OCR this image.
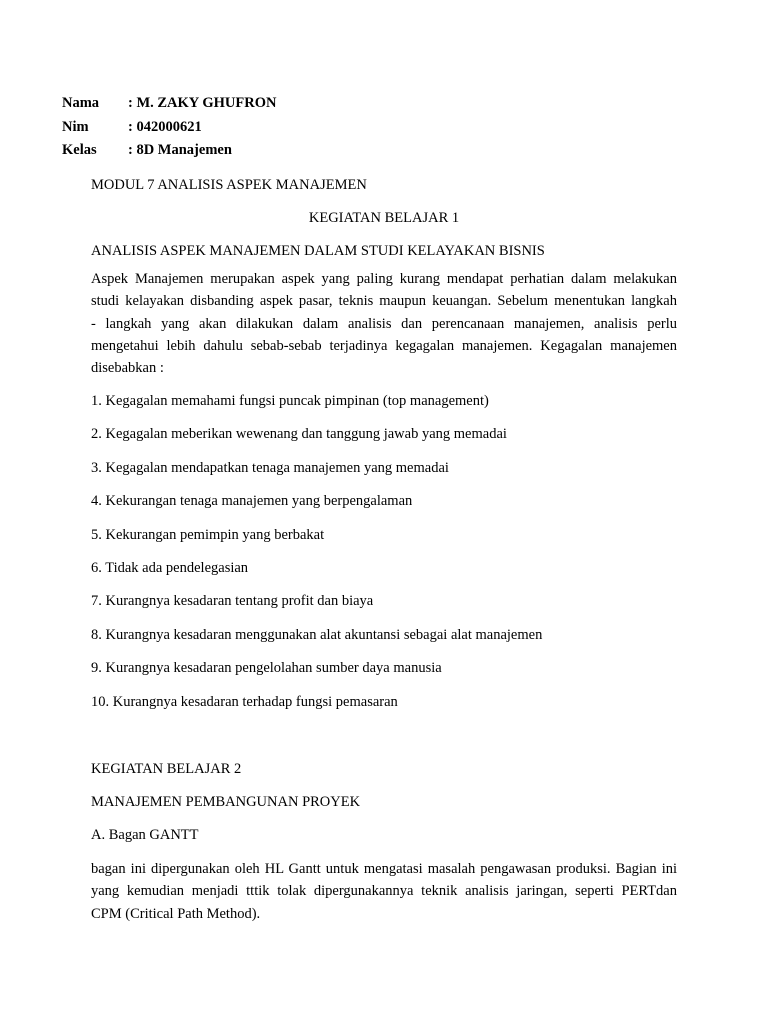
Nama	: M. ZAKY GHUFRON
Nim	: 042000621
Kelas	: 8D Manajemen
MODUL 7 ANALISIS ASPEK MANAJEMEN
KEGIATAN BELAJAR 1
ANALISIS ASPEK MANAJEMEN DALAM STUDI KELAYAKAN BISNIS
Aspek Manajemen merupakan aspek yang paling kurang mendapat perhatian dalam melakukan
studi kelayakan disbanding aspek pasar, teknis maupun keuangan. Sebelum menentukan langkah
- langkah yang akan dilakukan dalam analisis dan perencanaan manajemen, analisis perlu
mengetahui lebih dahulu sebab-sebab terjadinya kegagalan manajemen. Kegagalan manajemen
disebabkan :
1. Kegagalan memahami fungsi puncak pimpinan (top management)
2. Kegagalan meberikan wewenang dan tanggung jawab yang memadai
3. Kegagalan mendapatkan tenaga manajemen yang memadai
4. Kekurangan tenaga manajemen yang berpengalaman
5. Kekurangan pemimpin yang berbakat
6. Tidak ada pendelegasian
7. Kurangnya kesadaran tentang profit dan biaya
8. Kurangnya kesadaran menggunakan alat akuntansi sebagai alat manajemen
9. Kurangnya kesadaran pengelolahan sumber daya manusia
10. Kurangnya kesadaran terhadap fungsi pemasaran
KEGIATAN BELAJAR 2
MANAJEMEN PEMBANGUNAN PROYEK
A. Bagan GANTT
bagan ini dipergunakan oleh HL Gantt untuk mengatasi masalah pengawasan produksi. Bagian ini
yang kemudian menjadi tttik tolak dipergunakannya teknik analisis jaringan, seperti PERTdan
CPM (Critical Path Method).
